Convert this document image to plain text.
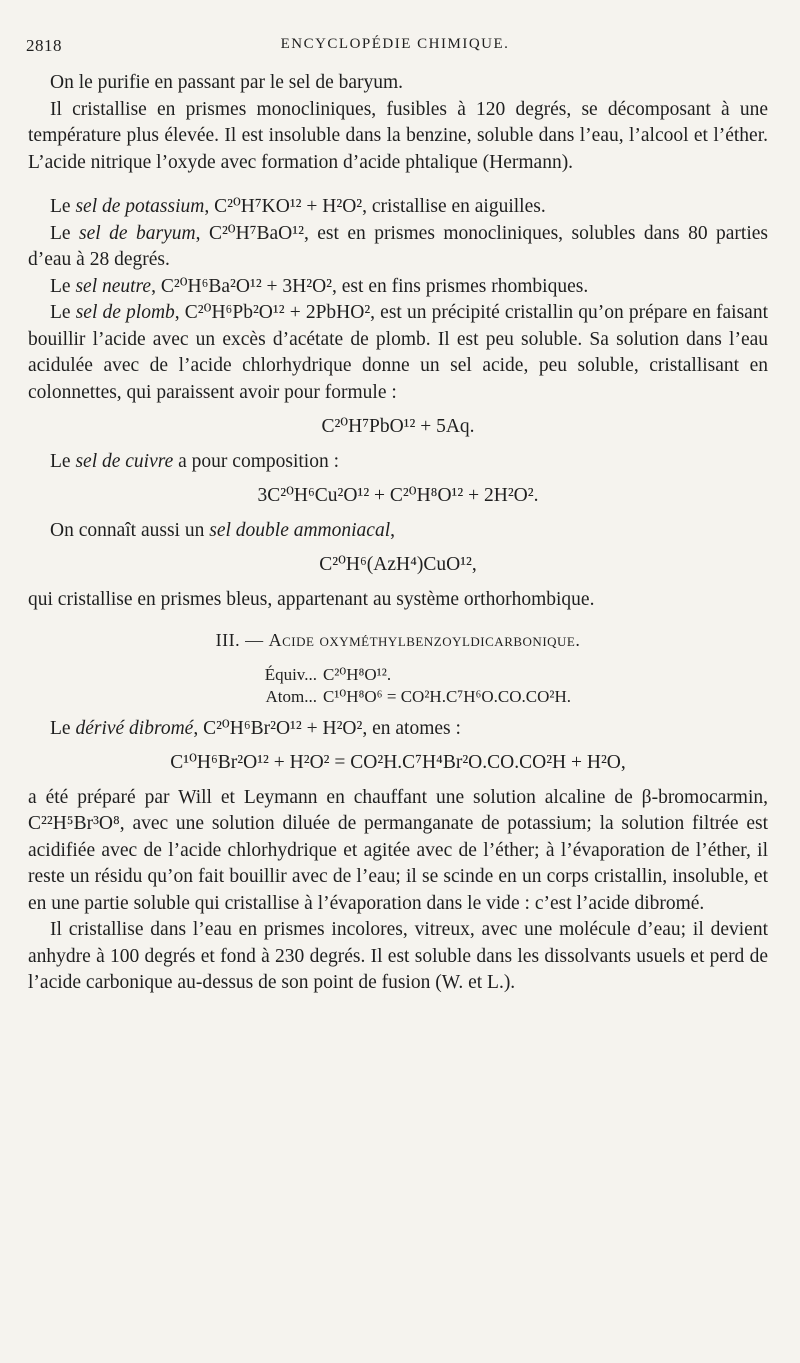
2818	ENCYCLOPÉDIE CHIMIQUE.

On le purifie en passant par le sel de baryum.

Il cristallise en prismes monocliniques, fusibles à 120 degrés, se décomposant à une température plus élevée. Il est insoluble dans la benzine, soluble dans l’eau, l’alcool et l’éther. L’acide nitrique l’oxyde avec formation d’acide phtalique (Hermann).

Le sel de potassium, C²⁰H⁷KO¹² + H²O², cristallise en aiguilles.

Le sel de baryum, C²⁰H⁷BaO¹², est en prismes monocliniques, solubles dans 80 parties d’eau à 28 degrés.

Le sel neutre, C²⁰H⁶Ba²O¹² + 3H²O², est en fins prismes rhombiques.

Le sel de plomb, C²⁰H⁶Pb²O¹² + 2PbHO², est un précipité cristallin qu’on prépare en faisant bouillir l’acide avec un excès d’acétate de plomb. Il est peu soluble. Sa solution dans l’eau acidulée avec de l’acide chlorhydrique donne un sel acide, peu soluble, cristallisant en colonnettes, qui paraissent avoir pour formule :

C²⁰H⁷PbO¹² + 5Aq.

Le sel de cuivre a pour composition :

3C²⁰H⁶Cu²O¹² + C²⁰H⁸O¹² + 2H²O².

On connaît aussi un sel double ammoniacal,

C²⁰H⁶(AzH⁴)CuO¹²,

qui cristallise en prismes bleus, appartenant au système orthorhombique.

III. — Acide oxyméthylbenzoyldicarbonique.

Équiv... C²⁰H⁸O¹².
Atom... C¹⁰H⁸O⁶ = CO²H.C⁷H⁶O.CO.CO²H.

Le dérivé dibromé, C²⁰H⁶Br²O¹² + H²O², en atomes :

C¹⁰H⁶Br²O¹² + H²O² = CO²H.C⁷H⁴Br²O.CO.CO²H + H²O,

a été préparé par Will et Leymann en chauffant une solution alcaline de β-bromocarmin, C²²H⁵Br³O⁸, avec une solution diluée de permanganate de potassium; la solution filtrée est acidifiée avec de l’acide chlorhydrique et agitée avec de l’éther; à l’évaporation de l’éther, il reste un résidu qu’on fait bouillir avec de l’eau; il se scinde en un corps cristallin, insoluble, et en une partie soluble qui cristallise à l’évaporation dans le vide : c’est l’acide dibromé.

Il cristallise dans l’eau en prismes incolores, vitreux, avec une molécule d’eau; il devient anhydre à 100 degrés et fond à 230 degrés. Il est soluble dans les dissolvants usuels et perd de l’acide carbonique au-dessus de son point de fusion (W. et L.).
